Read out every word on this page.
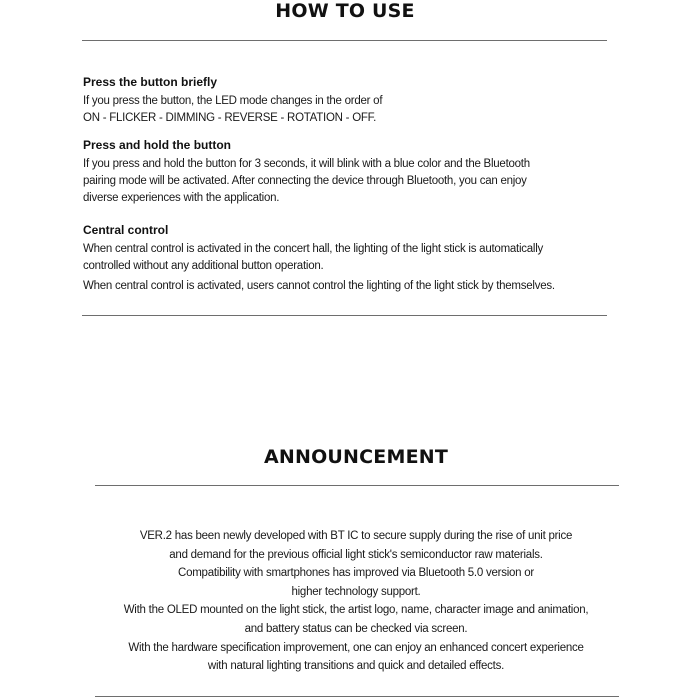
HOW TO USE
Press the button briefly
If you press the button, the LED mode changes in the order of
ON - FLICKER - DIMMING - REVERSE - ROTATION - OFF.
Press and hold the button
If you press and hold the button for 3 seconds, it will blink with a blue color and the Bluetooth
pairing mode will be activated. After connecting the device through Bluetooth, you can enjoy
diverse experiences with the application.
Central control
When central control is activated in the concert hall, the lighting of the light stick is automatically
controlled without any additional button operation.
When central control is activated, users cannot control the lighting of the light stick by themselves.
ANNOUNCEMENT
VER.2 has been newly developed with BT IC to secure supply during the rise of unit price
and demand for the previous official light stick's semiconductor raw materials.
Compatibility with smartphones has improved via Bluetooth 5.0 version or
higher technology support.
With the OLED mounted on the light stick, the artist logo, name, character image and animation,
and battery status can be checked via screen.
With the hardware specification improvement, one can enjoy an enhanced concert experience
with natural lighting transitions and quick and detailed effects.
